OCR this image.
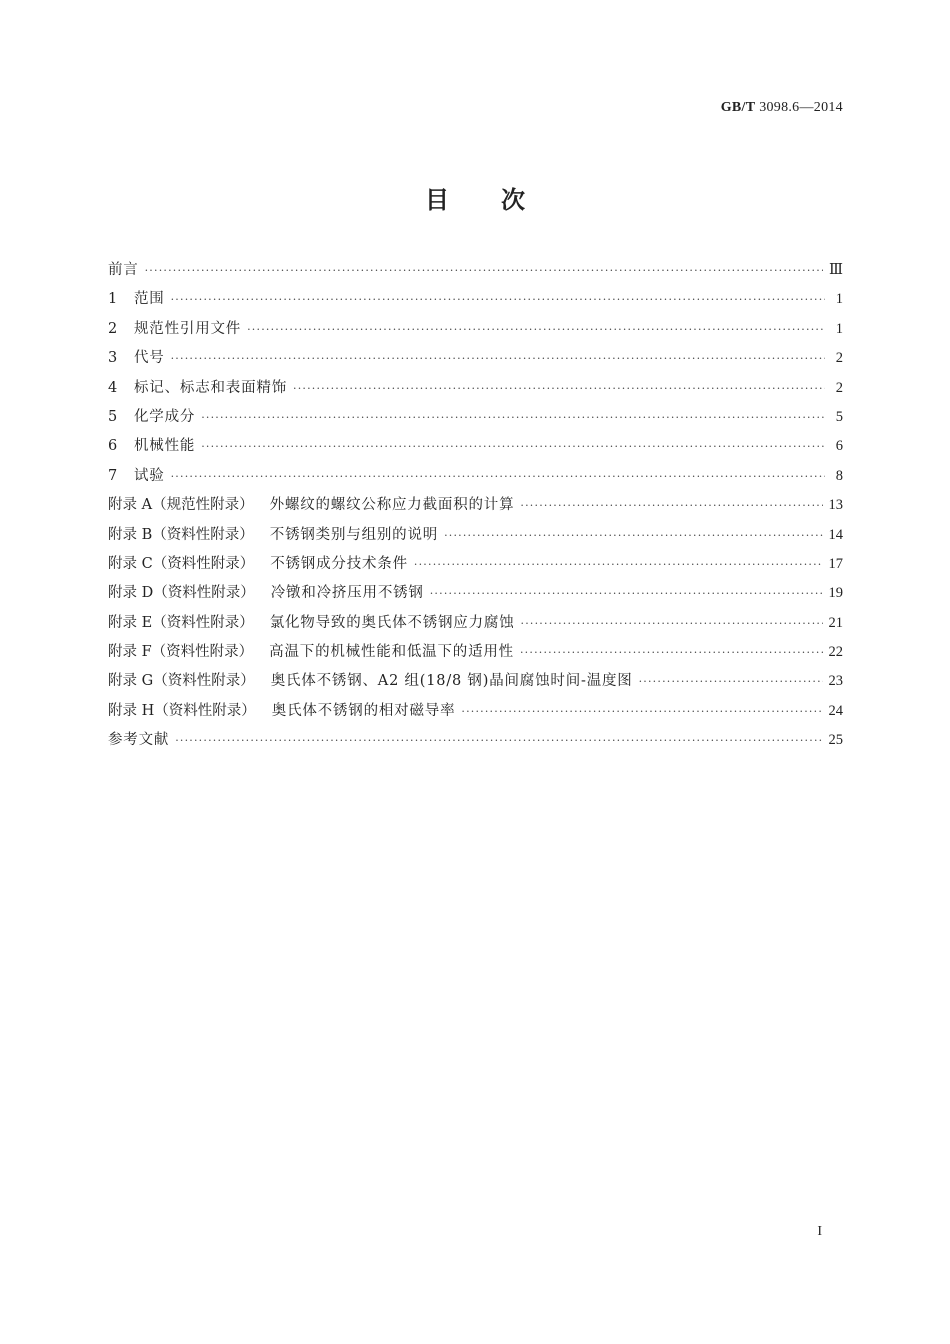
GB/T 3098.6—2014
目次
前言 ·····	Ⅲ
1	范围 ·····	1
2	规范性引用文件 ·····	1
3	代号 ·····	2
4	标记、标志和表面精饰 ·····	2
5	化学成分 ·····	5
6	机械性能 ·····	6
7	试验 ·····	8
附录 A（规范性附录） 外螺纹的螺纹公称应力截面积的计算 ·····	13
附录 B（资料性附录） 不锈钢类别与组别的说明 ·····	14
附录 C（资料性附录） 不锈钢成分技术条件 ·····	17
附录 D（资料性附录） 冷镦和冷挤压用不锈钢 ·····	19
附录 E（资料性附录） 氯化物导致的奥氏体不锈钢应力腐蚀 ·····	21
附录 F（资料性附录） 高温下的机械性能和低温下的适用性 ·····	22
附录 G（资料性附录） 奥氏体不锈钢、A2 组(18/8 钢)晶间腐蚀时间-温度图 ·····	23
附录 H（资料性附录） 奥氏体不锈钢的相对磁导率 ·····	24
参考文献 ·····	25
I
